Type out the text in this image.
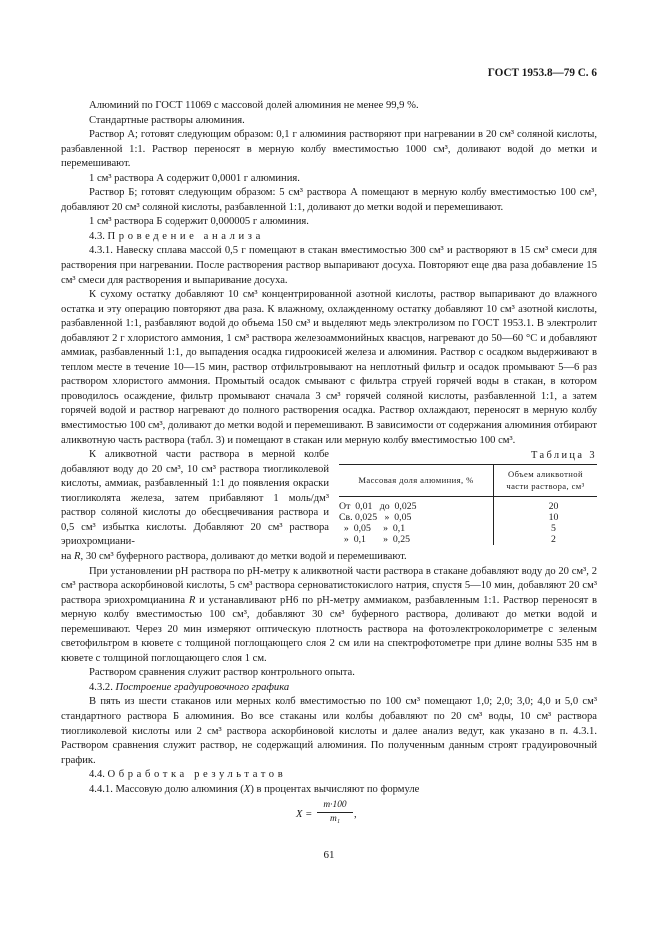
ГОСТ 1953.8—79 С. 6

Алюминий по ГОСТ 11069 с массовой долей алюминия не менее 99,9 %.

Стандартные растворы алюминия.

Раствор А; готовят следующим образом: 0,1 г алюминия растворяют при нагревании в 20 см³ соляной кислоты, разбавленной 1:1. Раствор переносят в мерную колбу вместимостью 1000 см³, доливают водой до метки и перемешивают.

1 см³ раствора А содержит 0,0001 г алюминия.

Раствор Б; готовят следующим образом: 5 см³ раствора А помещают в мерную колбу вместимостью 100 см³, добавляют 20 см³ соляной кислоты, разбавленной 1:1, доливают до метки водой и перемешивают.

1 см³ раствора Б содержит 0,000005 г алюминия.

4.3. Проведение анализа

4.3.1. Навеску сплава массой 0,5 г помещают в стакан вместимостью 300 см³ и растворяют в 15 см³ смеси для растворения при нагревании. После растворения раствор выпаривают досуха. Повторяют еще два раза добавление 15 см³ смеси для растворения и выпаривание досуха.

К сухому остатку добавляют 10 см³ концентрированной азотной кислоты, раствор выпаривают до влажного остатка и эту операцию повторяют два раза. К влажному, охлажденному остатку добавляют 10 см³ азотной кислоты, разбавленной 1:1, разбавляют водой до объема 150 см³ и выделяют медь электролизом по ГОСТ 1953.1. В электролит добавляют 2 г хлористого аммония, 1 см³ раствора железоаммонийных квасцов, нагревают до 50—60 °С и добавляют аммиак, разбавленный 1:1, до выпадения осадка гидроокисей железа и алюминия. Раствор с осадком выдерживают в теплом месте в течение 10—15 мин, раствор отфильтровывают на неплотный фильтр и осадок промывают 5—6 раз раствором хлористого аммония. Промытый осадок смывают с фильтра струей горячей воды в стакан, в котором проводилось осаждение, фильтр промывают сначала 3 см³ горячей соляной кислоты, разбавленной 1:1, а затем горячей водой и раствор нагревают до полного растворения осадка. Раствор охлаждают, переносят в мерную колбу вместимостью 100 см³, доливают до метки водой и перемешивают. В зависимости от содержания алюминия отбирают аликвотную часть раствора (табл. 3) и помещают в стакан или мерную колбу вместимостью 100 см³.

Таблица 3
Массовая доля алюминия, %	Объем аликвотной части раствора, см³
От  0,01   до  0,025	20
Св. 0,025   »  0,05	10
»  0,05     »  0,1	5
»  0,1       »  0,25	2

К аликвотной части раствора в мерной колбе добавляют воду до 20 см³, 10 см³ раствора тиогликолевой кислоты, аммиак, разбавленный 1:1 до появления окраски тиогликолята железа, затем прибавляют 1 моль/дм³ раствор соляной кислоты до обесцвечивания раствора и 0,5 см³ избытка кислоты. Добавляют 20 см³ раствора эриохромциани-

на R, 30 см³ буферного раствора, доливают до метки водой и перемешивают.

При установлении рН раствора по рН-метру к аликвотной части раствора в стакане добавляют воду до 20 см³, 2 см³ раствора аскорбиновой кислоты, 5 см³ раствора серноватистокислого натрия, спустя 5—10 мин, добавляют 20 см³ раствора эриохромцианина R и устанавливают рН6 по рН-метру аммиаком, разбавленным 1:1. Раствор переносят в мерную колбу вместимостью 100 см³, добавляют 30 см³ буферного раствора, доливают до метки водой и перемешивают. Через 20 мин измеряют оптическую плотность раствора на фотоэлектроколориметре с зеленым светофильтром в кювете с толщиной поглощающего слоя 2 см или на спектрофотометре при длине волны 535 нм в кювете с толщиной поглощающего слоя 1 см.

Раствором сравнения служит раствор контрольного опыта.

4.3.2. Построение градуировочного графика

В пять из шести стаканов или мерных колб вместимостью по 100 см³ помещают 1,0; 2,0; 3,0; 4,0 и 5,0 см³ стандартного раствора Б алюминия. Во все стаканы или колбы добавляют по 20 см³ воды, 10 см³ раствора тиогликолевой кислоты или 2 см³ раствора аскорбиновой кислоты и далее анализ ведут, как указано в п. 4.3.1. Раствором сравнения служит раствор, не содержащий алюминия. По полученным данным строят градуировочный график.

4.4. Обработка результатов

4.4.1. Массовую долю алюминия (X) в процентах вычисляют по формуле

$X = \frac{m\cdot 100}{\text{m₁}}$ ,
61
